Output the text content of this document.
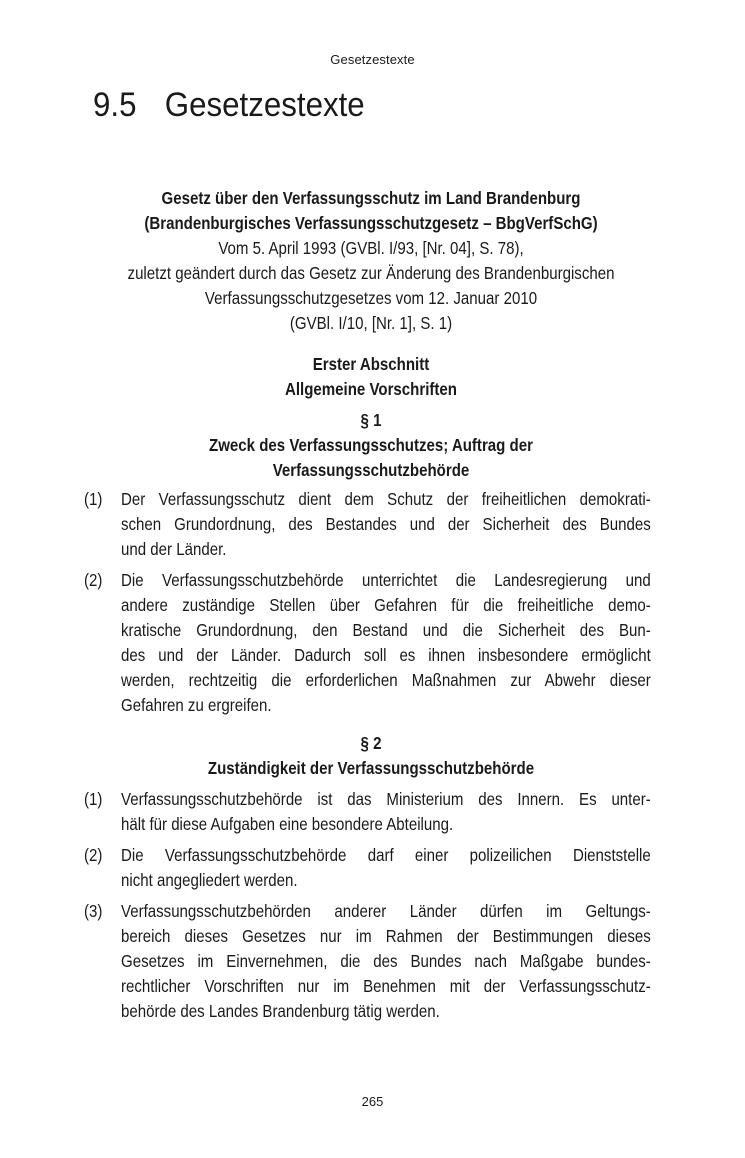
Gesetzestexte
9.5 Gesetzestexte
Gesetz über den Verfassungsschutz im Land Brandenburg
(Brandenburgisches Verfassungsschutzgesetz – BbgVerfSchG)
Vom 5. April 1993 (GVBl. I/93, [Nr. 04], S. 78),
zuletzt geändert durch das Gesetz zur Änderung des Brandenburgischen
Verfassungsschutzgesetzes vom 12. Januar 2010
(GVBl. I/10, [Nr. 1], S. 1)
Erster Abschnitt
Allgemeine Vorschriften
§ 1
Zweck des Verfassungsschutzes; Auftrag der
Verfassungsschutzbehörde
(1)	Der Verfassungsschutz dient dem Schutz der freiheitlichen demokrati-
schen Grundordnung, des Bestandes und der Sicherheit des Bundes
und der Länder.
(2)	Die Verfassungsschutzbehörde unterrichtet die Landesregierung und
andere zuständige Stellen über Gefahren für die freiheitliche demo-
kratische Grundordnung, den Bestand und die Sicherheit des Bun-
des und der Länder. Dadurch soll es ihnen insbesondere ermöglicht
werden, rechtzeitig die erforderlichen Maßnahmen zur Abwehr dieser
Gefahren zu ergreifen.
§ 2
Zuständigkeit der Verfassungsschutzbehörde
(1)	Verfassungsschutzbehörde ist das Ministerium des Innern. Es unter-
hält für diese Aufgaben eine besondere Abteilung.
(2)	Die Verfassungsschutzbehörde darf einer polizeilichen Dienststelle
nicht angegliedert werden.
(3)	Verfassungsschutzbehörden anderer Länder dürfen im Geltungs-
bereich dieses Gesetzes nur im Rahmen der Bestimmungen dieses
Gesetzes im Einvernehmen, die des Bundes nach Maßgabe bundes-
rechtlicher Vorschriften nur im Benehmen mit der Verfassungsschutz-
behörde des Landes Brandenburg tätig werden.
265
